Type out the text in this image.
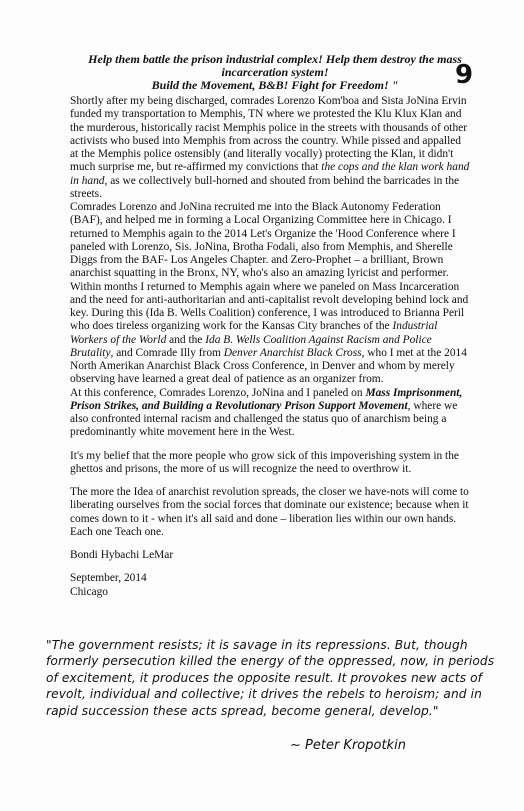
Help them battle the prison industrial complex! Help them destroy the mass
incarceration system!
Build the Movement, B&B! Fight for Freedom! "	9

Shortly after my being discharged, comrades Lorenzo Kom'boa and Sista JoNina Ervin funded my transportation to Memphis, TN where we protested the Klu Klux Klan and the murderous, historically racist Memphis police in the streets with thousands of other activists who bused into Memphis from across the country. While pissed and appalled at the Memphis police ostensibly (and literally vocally) protecting the Klan, it didn't much surprise me, but re-affirmed my convictions that the cops and the klan work hand in hand, as we collectively bull-horned and shouted from behind the barricades in the streets.

Comrades Lorenzo and JoNina recruited me into the Black Autonomy Federation (BAF), and helped me in forming a Local Organizing Committee here in Chicago. I returned to Memphis again to the 2014 Let's Organize the 'Hood Conference where I paneled with Lorenzo, Sis. JoNina, Brotha Fodali, also from Memphis, and Sherelle Diggs from the BAF- Los Angeles Chapter. and Zero-Prophet – a brilliant, Brown anarchist squatting in the Bronx, NY, who's also an amazing lyricist and performer. Within months I returned to Memphis again where we paneled on Mass Incarceration and the need for anti-authoritarian and anti-capitalist revolt developing behind lock and key. During this (Ida B. Wells Coalition) conference, I was introduced to Brianna Peril who does tireless organizing work for the Kansas City branches of the Industrial Workers of the World and the Ida B. Wells Coalition Against Racism and Police Brutality, and Comrade Illy from Denver Anarchist Black Cross, who I met at the 2014 North Amerikan Anarchist Black Cross Conference, in Denver and whom by merely observing have learned a great deal of patience as an organizer from.

At this conference, Comrades Lorenzo, JoNina and I paneled on Mass Imprisonment, Prison Strikes, and Building a Revolutionary Prison Support Movement, where we also confronted internal racism and challenged the status quo of anarchism being a predominantly white movement here in the West.

It's my belief that the more people who grow sick of this impoverishing system in the ghettos and prisons, the more of us will recognize the need to overthrow it.

The more the Idea of anarchist revolution spreads, the closer we have-nots will come to liberating ourselves from the social forces that dominate our existence; because when it comes down to it - when it's all said and done – liberation lies within our own hands.

Each one Teach one.

Bondi Hybachi LeMar

September, 2014

Chicago

"The government resists; it is savage in its repressions. But, though formerly persecution killed the energy of the oppressed, now, in periods of excitement, it produces the opposite result. It provokes new acts of revolt, individual and collective; it drives the rebels to heroism; and in rapid succession these acts spread, become general, develop."
~ Peter Kropotkin
